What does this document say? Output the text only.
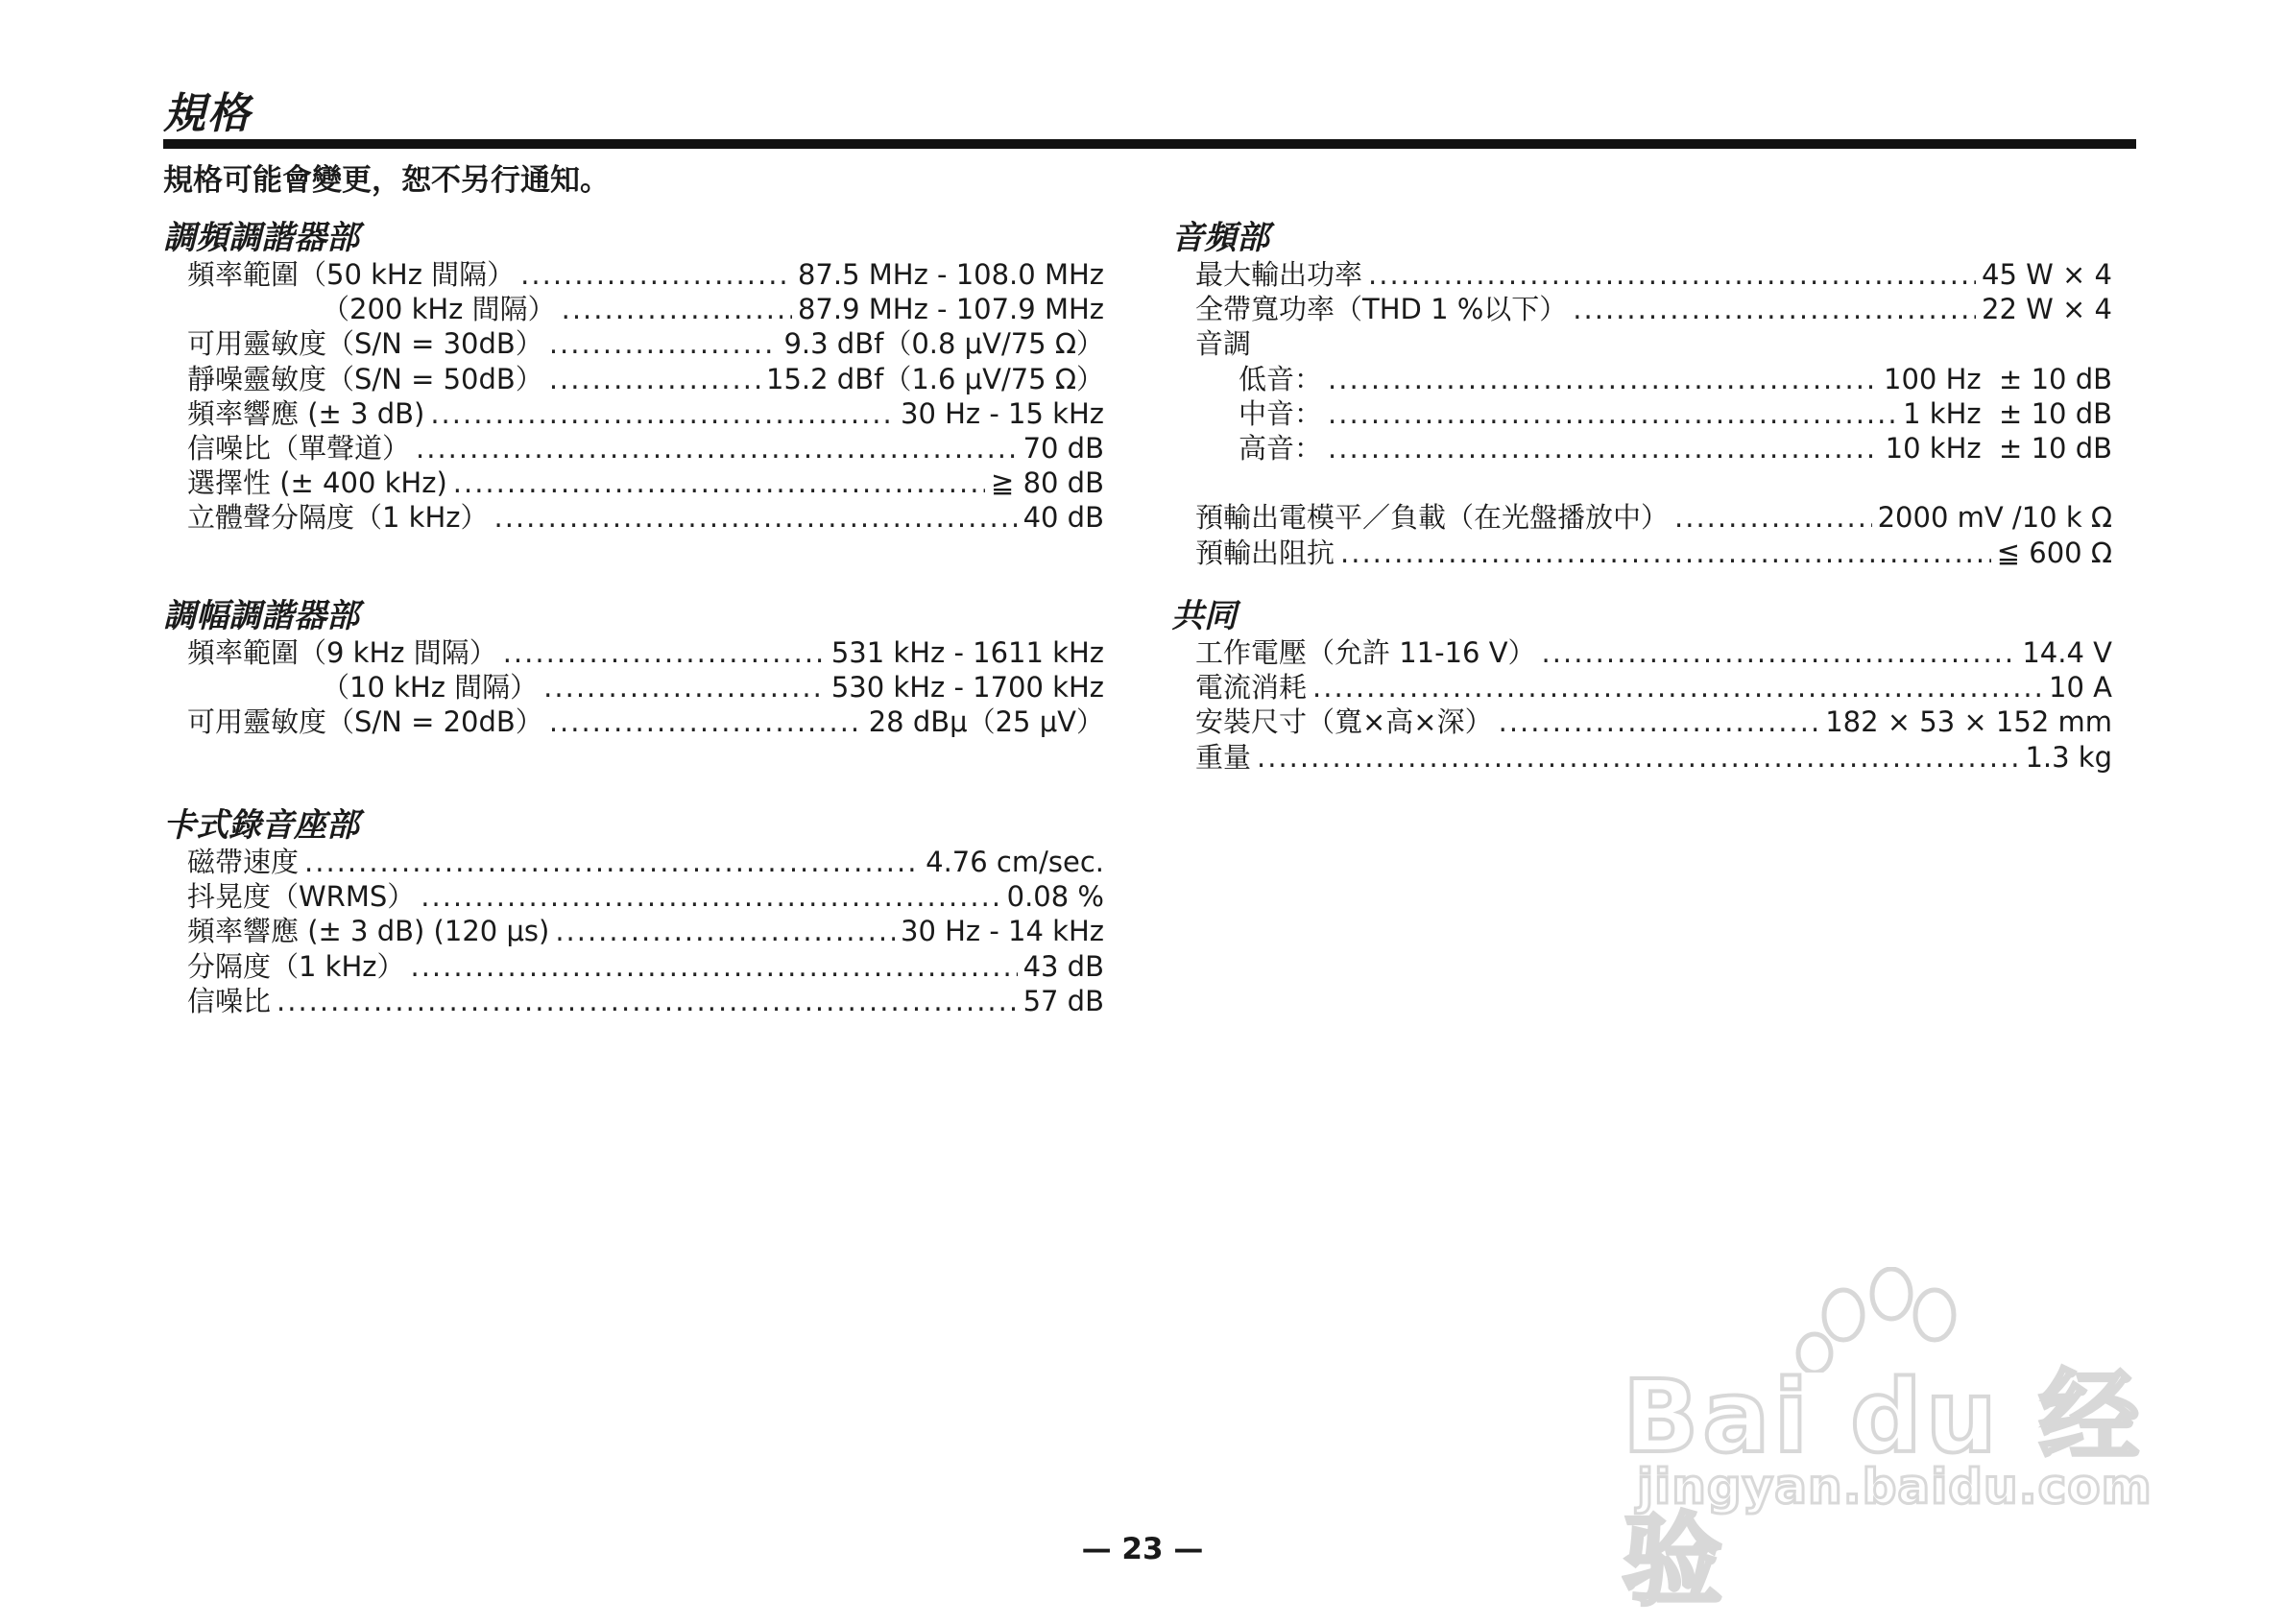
規格
規格可能會變更，恕不另行通知。
調頻調諧器部
頻率範圍（50 kHz 間隔） .....	87.5 MHz - 108.0 MHz
（200 kHz 間隔） .....	87.9 MHz - 107.9 MHz
可用靈敏度（S/N = 30dB） .....	9.3 dBf（0.8 μV/75 Ω）
靜噪靈敏度（S/N = 50dB） .....	15.2 dBf（1.6 μV/75 Ω）
頻率響應 (± 3 dB) .....	30 Hz - 15 kHz
信噪比（單聲道） .....	70 dB
選擇性 (± 400 kHz) .....	≧ 80 dB
立體聲分隔度（1 kHz） .....	40 dB
調幅調諧器部
頻率範圍（9 kHz 間隔） .....	531 kHz - 1611 kHz
（10 kHz 間隔） .....	530 kHz - 1700 kHz
可用靈敏度（S/N = 20dB） .....	28 dBμ（25 μV）
卡式錄音座部
磁帶速度 .....	4.76 cm/sec.
抖晃度（WRMS） .....	0.08 %
頻率響應 (± 3 dB) (120 μs) .....	30 Hz - 14 kHz
分隔度（1 kHz） .....	43 dB
信噪比 .....	57 dB
音頻部
最大輸出功率 .....	45 W × 4
全帶寬功率（THD 1 %以下） .....	22 W × 4
音調
低音： .....	100 Hz  ± 10 dB
中音： .....	1 kHz  ± 10 dB
高音： .....	10 kHz  ± 10 dB
預輸出電模平／負載（在光盤播放中） .....	2000 mV /10 k Ω
預輸出阻抗 .....	≦ 600 Ω
共同
工作電壓（允許 11-16 V） .....	14.4 V
電流消耗 .....	10 A
安裝尺寸（寬×高×深） .....	182 × 53 × 152 mm
重量 .....	1.3 kg
Bai du 经验
jingyan.baidu.com
— 23 —
